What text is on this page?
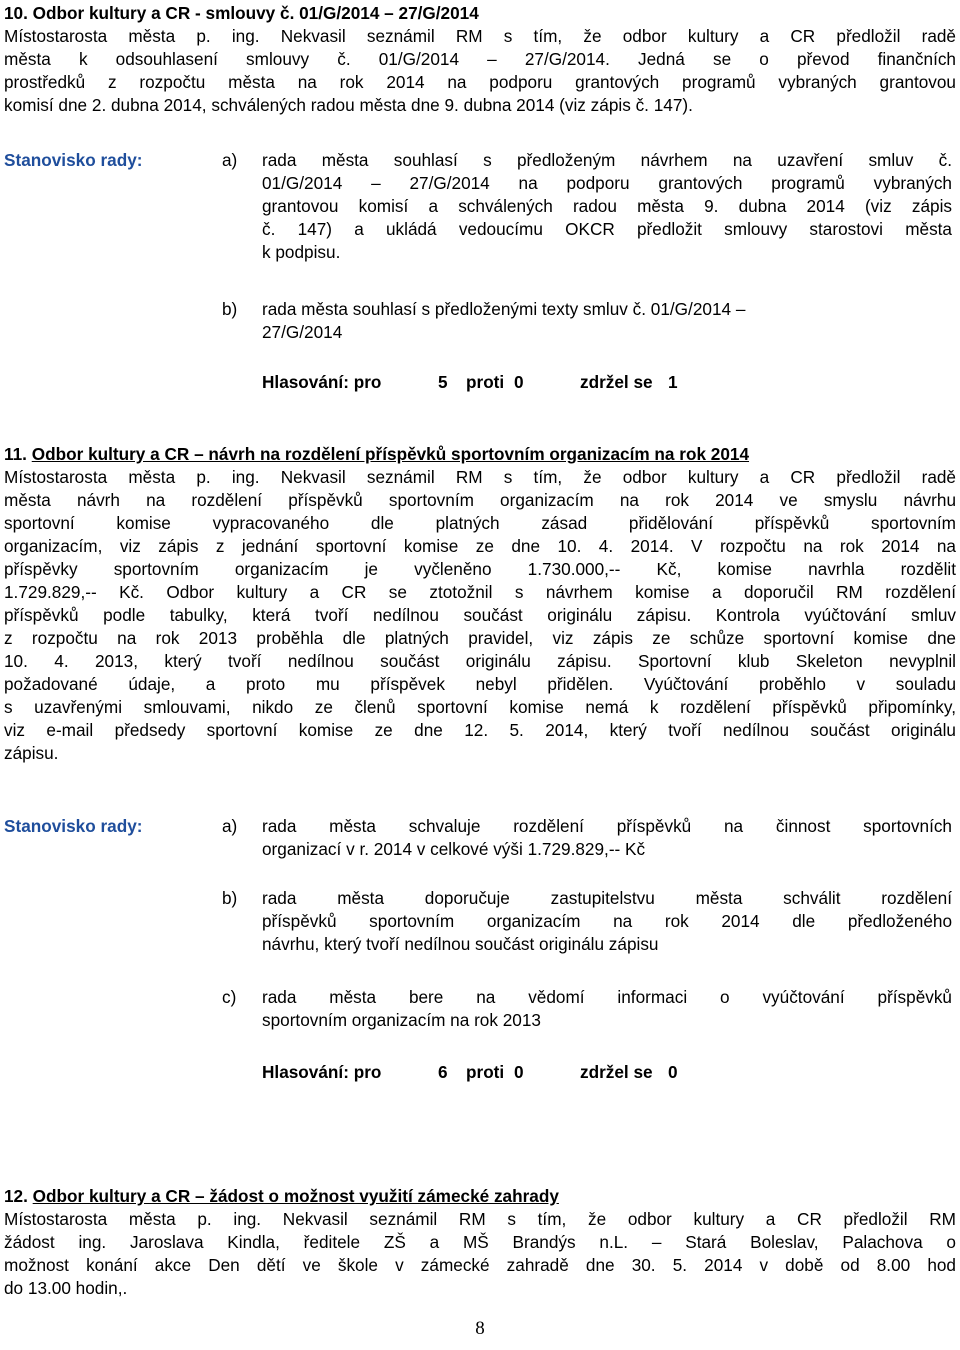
10. Odbor kultury a CR - smlouvy č. 01/G/2014 – 27/G/2014
Místostarosta města p. ing. Nekvasil seznámil RM s tím, že odbor kultury a CR předložil radě
města k odsouhlasení smlouvy č. 01/G/2014 – 27/G/2014. Jedná se o převod finančních
prostředků z rozpočtu města na rok 2014 na podporu grantových programů vybraných grantovou
komisí dne 2. dubna 2014, schválených radou města dne 9. dubna 2014 (viz zápis č. 147).
Stanovisko rady:	a) rada města souhlasí s předloženým návrhem na uzavření smluv č.
01/G/2014 – 27/G/2014 na podporu grantových programů vybraných
grantovou komisí a schválených radou města 9. dubna 2014 (viz zápis
č. 147) a ukládá vedoucímu OKCR předložit smlouvy starostovi města
k podpisu.
b) rada města souhlasí s předloženými texty smluv č. 01/G/2014 –
27/G/2014
Hlasování: pro	5 proti 0	zdržel se 1
11. Odbor kultury a CR – návrh na rozdělení příspěvků sportovním organizacím na rok 2014
Místostarosta města p. ing. Nekvasil seznámil RM s tím, že odbor kultury a CR předložil radě
města návrh na rozdělení příspěvků sportovním organizacím na rok 2014 ve smyslu návrhu
sportovní komise vypracovaného dle platných zásad přidělování příspěvků sportovním
organizacím, viz zápis z jednání sportovní komise ze dne 10. 4. 2014. V rozpočtu na rok 2014 na
příspěvky sportovním organizacím je vyčleněno 1.730.000,-- Kč, komise navrhla rozdělit
1.729.829,-- Kč. Odbor kultury a CR se ztotožnil s návrhem komise a doporučil RM rozdělení
příspěvků podle tabulky, která tvoří nedílnou součást originálu zápisu. Kontrola vyúčtování smluv
z rozpočtu na rok 2013 proběhla dle platných pravidel, viz zápis ze schůze sportovní komise dne
10. 4. 2013, který tvoří nedílnou součást originálu zápisu. Sportovní klub Skeleton nevyplnil
požadované údaje, a proto mu příspěvek nebyl přidělen. Vyúčtování proběhlo v souladu
s uzavřenými smlouvami, nikdo ze členů sportovní komise nemá k rozdělení příspěvků připomínky,
viz e-mail předsedy sportovní komise ze dne 12. 5. 2014, který tvoří nedílnou součást originálu
zápisu.
Stanovisko rady:	a) rada města schvaluje rozdělení příspěvků na činnost sportovních
organizací v r. 2014 v celkové výši 1.729.829,-- Kč
b) rada města doporučuje zastupitelstvu města schválit rozdělení
příspěvků sportovním organizacím na rok 2014 dle předloženého
návrhu, který tvoří nedílnou součást originálu zápisu
c) rada města bere na vědomí informaci o vyúčtování příspěvků
sportovním organizacím na rok 2013
Hlasování: pro	6 proti 0	zdržel se 0
12. Odbor kultury a CR – žádost o možnost využití zámecké zahrady
Místostarosta města p. ing. Nekvasil seznámil RM s tím, že odbor kultury a CR předložil RM
žádost ing. Jaroslava Kindla, ředitele ZŠ a MŠ Brandýs n.L. – Stará Boleslav, Palachova o
možnost konání akce Den dětí ve škole v zámecké zahradě dne 30. 5. 2014 v době od 8.00 hod
do 13.00 hodin,.
8
